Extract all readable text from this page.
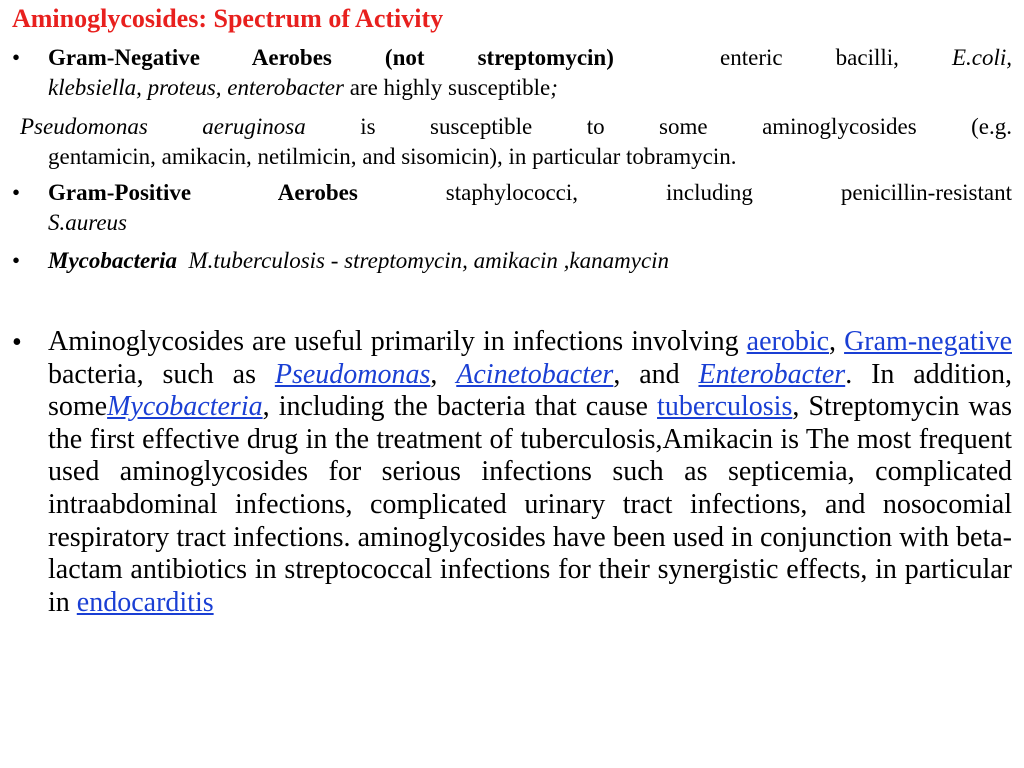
Aminoglycosides: Spectrum of Activity
• Gram-Negative Aerobes (not streptomycin)	enteric bacilli, E.coli,
klebsiella, proteus, enterobacter are highly susceptible;
Pseudomonas aeruginosa is susceptible to some aminoglycosides (e.g.
gentamicin, amikacin, netilmicin, and sisomicin), in particular tobramycin.
• Gram-Positive Aerobes	staphylococci, including penicillin-resistant
S.aureus
• Mycobacteria M.tuberculosis - streptomycin, amikacin ,kanamycin
• Aminoglycosides are useful primarily in infections involving aerobic, Gram-negative bacteria, such as Pseudomonas, Acinetobacter, and Enterobacter. In addition, someMycobacteria, including the bacteria that cause tuberculosis, Streptomycin was the first effective drug in the treatment of tuberculosis,Amikacin is The most frequent used aminoglycosides for serious infections such as septicemia, complicated intraabdominal infections, complicated urinary tract infections, and nosocomial respiratory tract infections. aminoglycosides have been used in conjunction with beta-lactam antibiotics in streptococcal infections for their synergistic effects, in particular in endocarditis
